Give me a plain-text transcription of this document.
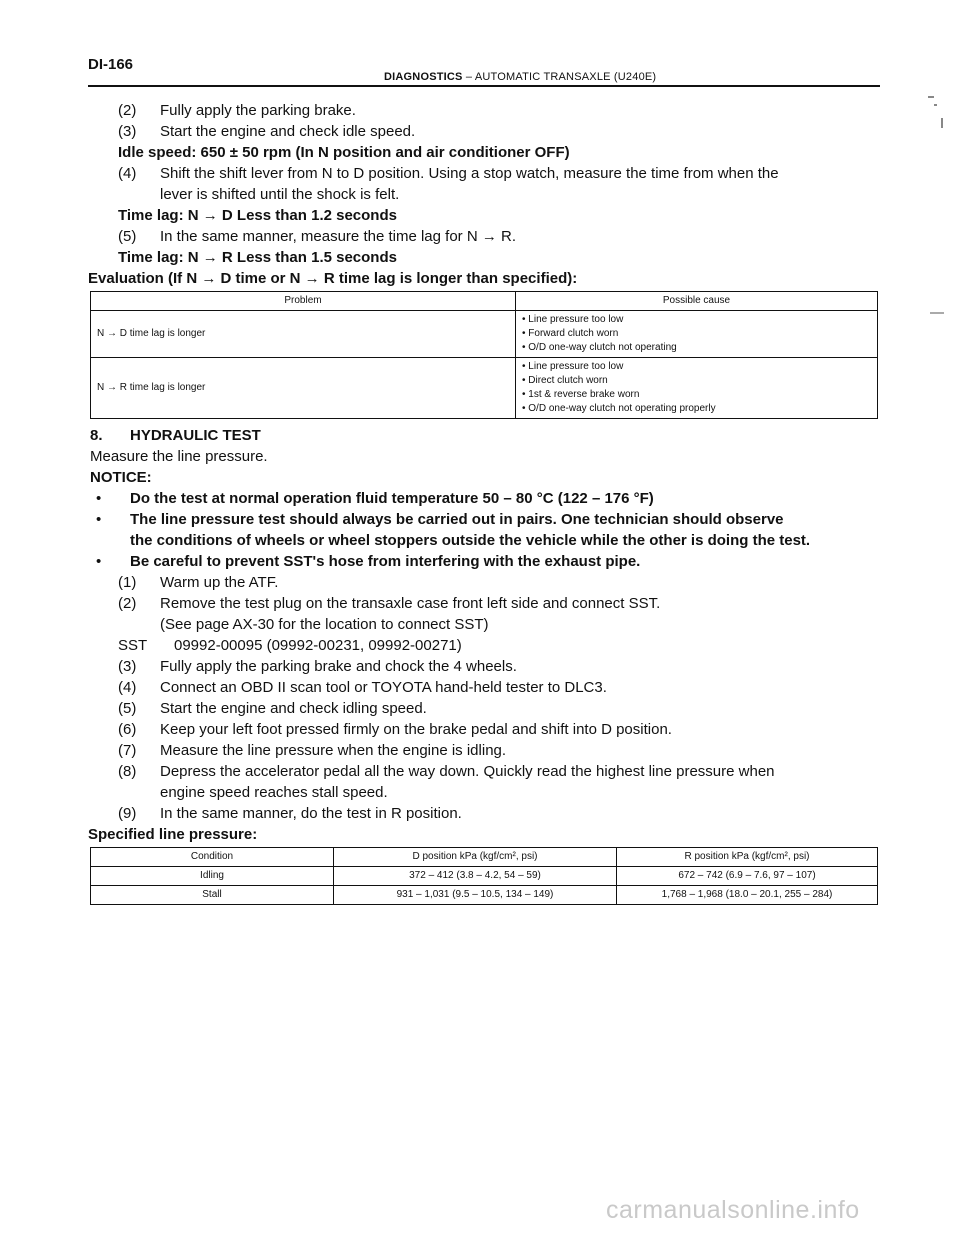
DI-166
DIAGNOSTICS – AUTOMATIC TRANSAXLE (U240E)
(2)	Fully apply the parking brake.
(3)	Start the engine and check idle speed.
Idle speed: 650 ± 50 rpm (In N position and air conditioner OFF)
(4)	Shift the shift lever from N to D position. Using a stop watch, measure the time from when the
lever is shifted until the shock is felt.
Time lag: N → D Less than 1.2 seconds
(5)	In the same manner, measure the time lag for N → R.
Time lag: N → R Less than 1.5 seconds
Evaluation (If N → D time or N → R time lag is longer than specified):
Problem	Possible cause
N → D time lag is longer	• Line pressure too low
• Forward clutch worn
• O/D one-way clutch not operating

N → R time lag is longer	• Line pressure too low
• Direct clutch worn
• 1st & reverse brake worn
• O/D one-way clutch not operating properly
8. HYDRAULIC TEST
Measure the line pressure.
NOTICE:
•	Do the test at normal operation fluid temperature 50 – 80 °C (122 – 176 °F)
•	The line pressure test should always be carried out in pairs. One technician should observe
the conditions of wheels or wheel stoppers outside the vehicle while the other is doing the test.
•	Be careful to prevent SST's hose from interfering with the exhaust pipe.
(1)	Warm up the ATF.
(2)	Remove the test plug on the transaxle case front left side and connect SST.
(See page AX-30 for the location to connect SST)
SST	09992-00095 (09992-00231, 09992-00271)
(3)	Fully apply the parking brake and chock the 4 wheels.
(4)	Connect an OBD II scan tool or TOYOTA hand-held tester to DLC3.
(5)	Start the engine and check idling speed.
(6)	Keep your left foot pressed firmly on the brake pedal and shift into D position.
(7)	Measure the line pressure when the engine is idling.
(8)	Depress the accelerator pedal all the way down. Quickly read the highest line pressure when
engine speed reaches stall speed.
(9)	In the same manner, do the test in R position.
Specified line pressure:
Condition	D position kPa (kgf/cm², psi)	R position kPa (kgf/cm², psi)
Idling	372 – 412 (3.8 – 4.2, 54 – 59)	672 – 742 (6.9 – 7.6, 97 – 107)
Stall	931 – 1,031 (9.5 – 10.5, 134 – 149)	1,768 – 1,968 (18.0 – 20.1, 255 – 284)
carmanualsonline.info
